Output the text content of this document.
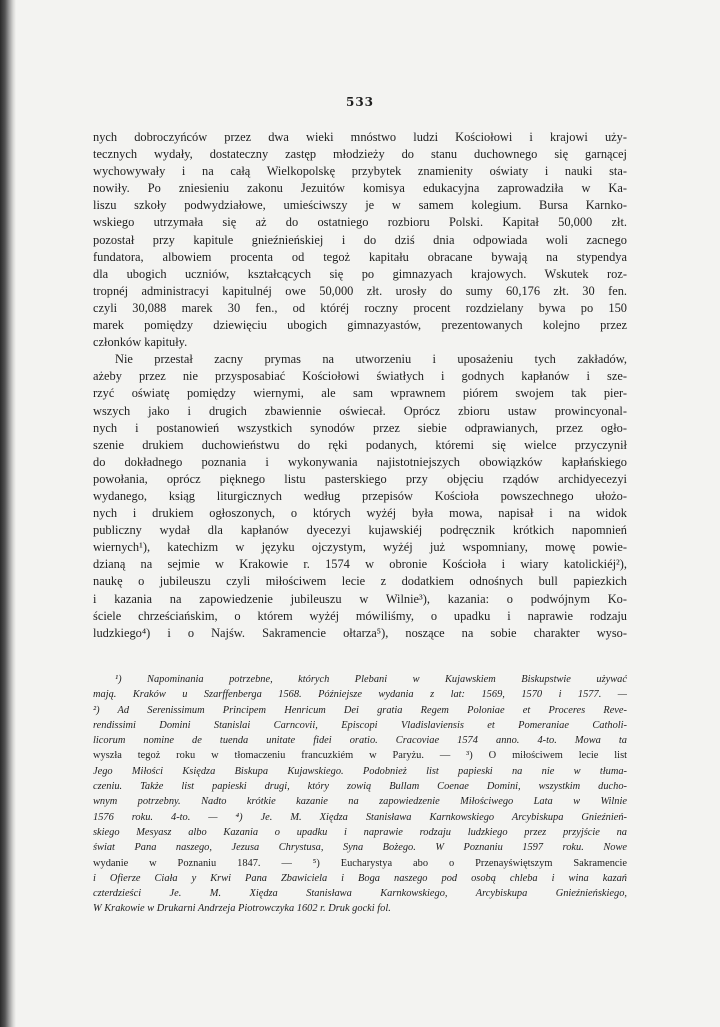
533
nych dobroczyńców przez dwa wieki mnóstwo ludzi Kościołowi i krajowi uży-
tecznych wydały, dostateczny zastęp młodzieży do stanu duchownego się garnącej
wychowywały i na całą Wielkopolskę przybytek znamienity oświaty i nauki sta-
nowiły. Po zniesieniu zakonu Jezuitów komisya edukacyjna zaprowadziła w Ka-
liszu szkoły podwydziałowe, umieściwszy je w samem kolegium. Bursa Karnko-
wskiego utrzymała się aż do ostatniego rozbioru Polski. Kapitał 50,000 złt.
pozostał przy kapitule gnieźnieńskiej i do dziś dnia odpowiada woli zacnego
fundatora, albowiem procenta od tegoż kapitału obracane bywają na stypendya
dla ubogich uczniów, kształcących się po gimnazyach krajowych. Wskutek roz-
tropnéj administracyi kapitulnéj owe 50,000 złt. urosły do sumy 60,176 złt. 30 fen.
czyli 30,088 marek 30 fen., od któréj roczny procent rozdzielany bywa po 150
marek pomiędzy dziewięciu ubogich gimnazyastów, prezentowanych kolejno przez
członków kapituły.
Nie przestał zacny prymas na utworzeniu i uposażeniu tych zakładów,
ażeby przez nie przysposabiać Kościołowi światłych i godnych kapłanów i sze-
rzyć oświatę pomiędzy wiernymi, ale sam wprawnem piórem swojem tak pier-
wszych jako i drugich zbawiennie oświecał. Oprócz zbioru ustaw prowincyonal-
nych i postanowień wszystkich synodów przez siebie odprawianych, przez ogło-
szenie drukiem duchowieństwu do ręki podanych, któremi się wielce przyczynił
do dokładnego poznania i wykonywania najistotniejszych obowiązków kapłańskiego
powołania, oprócz pięknego listu pasterskiego przy objęciu rządów archidyecezyi
wydanego, ksiąg liturgicznych według przepisów Kościoła powszechnego ułożo-
nych i drukiem ogłoszonych, o których wyżéj była mowa, napisał i na widok
publiczny wydał dla kapłanów dyecezyi kujawskiéj podręcznik krótkich napomnień
wiernych¹), katechizm w języku ojczystym, wyżéj już wspomniany, mowę powie-
dzianą na sejmie w Krakowie r. 1574 w obronie Kościoła i wiary katolickiéj²),
naukę o jubileuszu czyli miłościwem lecie z dodatkiem odnośnych bull papiezkich
i kazania na zapowiedzenie jubileuszu w Wilnie³), kazania: o podwójnym Ko-
ściele chrześciańskim, o którem wyżéj mówiliśmy, o upadku i naprawie rodzaju
ludzkiego⁴) i o Najśw. Sakramencie ołtarza⁵), noszące na sobie charakter wyso-
¹) Napominania potrzebne, których Plebani w Kujawskiem Biskupstwie używać
mają. Kraków u Szarffenberga 1568. Późniejsze wydania z lat: 1569, 1570 i 1577. —
²) Ad Serenissimum Principem Henricum Dei gratia Regem Poloniae et Proceres Reve-
rendissimi Domini Stanislai Carncovii, Episcopi Vladislaviensis et Pomeraniae Catholi-
licorum nomine de tuenda unitate fidei oratio. Cracoviae 1574 anno. 4-to. Mowa ta
wyszła tegoż roku w tłomaczeniu francuzkiém w Paryżu. — ³) O miłościwem lecie list
Jego Miłości Księdza Biskupa Kujawskiego. Podobnież list papieski na nie w tłuma-
czeniu. Także list papieski drugi, który zowią Bullam Coenae Domini, wszystkim ducho-
wnym potrzebny. Nadto krótkie kazanie na zapowiedzenie Miłościwego Lata w Wilnie
1576 roku. 4-to. — ⁴) Je. M. Xiędza Stanisława Karnkowskiego Arcybiskupa Gnieźnień-
skiego Mesyasz albo Kazania o upadku i naprawie rodzaju ludzkiego przez przyjście na
świat Pana naszego, Jezusa Chrystusa, Syna Bożego. W Poznaniu 1597 roku. Nowe
wydanie w Poznaniu 1847. — ⁵) Eucharystya abo o Przenayświętszym Sakramencie
i Ofierze Ciała y Krwi Pana Zbawiciela i Boga naszego pod osobą chleba i wina kazań
czterdzieści Je. M. Xiędza Stanisława Karnkowskiego, Arcybiskupa Gnieźnieńskiego,
W Krakowie w Drukarni Andrzeja Piotrowczyka 1602 r. Druk gocki fol.
